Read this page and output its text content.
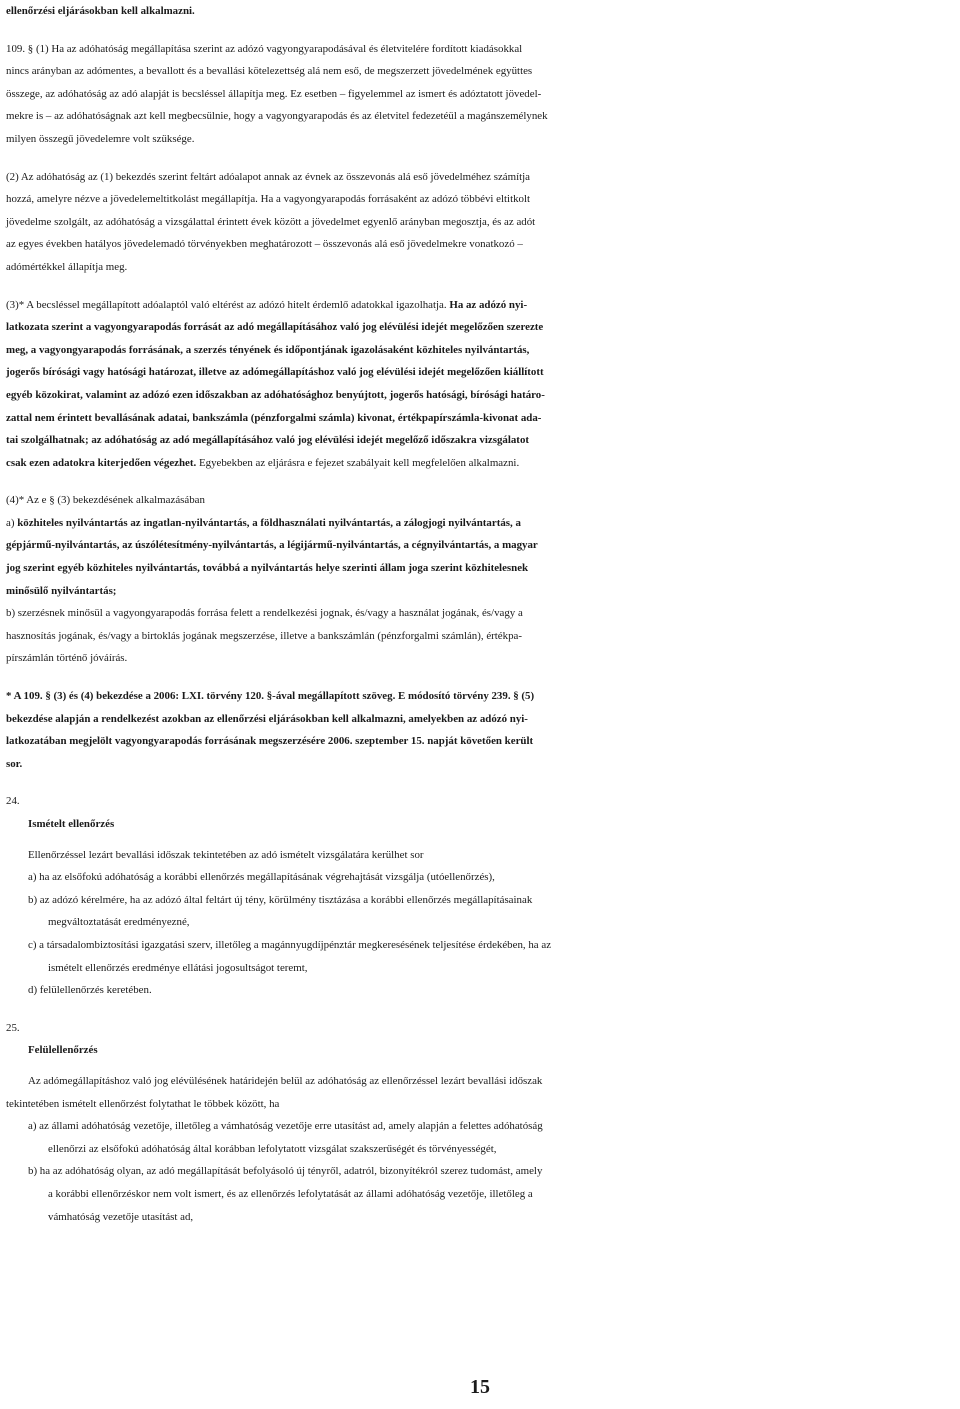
ellenőrzési eljárásokban kell alkalmazni.
109. § (1) Ha az adóhatóság megállapítása szerint az adózó vagyongyarapodásával és életvitelére fordított kiadásokkal
nincs arányban az adómentes, a bevallott és a bevallási kötelezettség alá nem eső, de megszerzett jövedelmének együttes
összege, az adóhatóság az adó alapját is becsléssel állapítja meg. Ez esetben – figyelemmel az ismert és adóztatott jövedel-
mekre is – az adóhatóságnak azt kell megbecsülnie, hogy a vagyongyarapodás és az életvitel fedezetéül a magánszemélynek
milyen összegű jövedelemre volt szüksége.
(2) Az adóhatóság az (1) bekezdés szerint feltárt adóalapot annak az évnek az összevonás alá eső jövedelméhez számítja
hozzá, amelyre nézve a jövedelemeltitkolást megállapítja. Ha a vagyongyarapodás forrásaként az adózó többévi eltitkolt
jövedelme szolgált, az adóhatóság a vizsgálattal érintett évek között a jövedelmet egyenlő arányban megosztja, és az adót
az egyes években hatályos jövedelemadó törvényekben meghatározott – összevonás alá eső jövedelmekre vonatkozó –
adómértékkel állapítja meg.
(3)* A becsléssel megállapított adóalaptól való eltérést az adózó hitelt érdemlő adatokkal igazolhatja. Ha az adózó nyi-
latkozata szerint a vagyongyarapodás forrását az adó megállapításához való jog elévülési idejét megelőzően szerezte
meg, a vagyongyarapodás forrásának, a szerzés tényének és időpontjának igazolásaként közhiteles nyilvántartás,
jogerős bírósági vagy hatósági határozat, illetve az adómegállapításhoz való jog elévülési idejét megelőzően kiállított
egyéb közokirat, valamint az adózó ezen időszakban az adóhatósághoz benyújtott, jogerős hatósági, bírósági határo-
zattal nem érintett bevallásának adatai, bankszámla (pénzforgalmi számla) kivonat, értékpapírszámla-kivonat ada-
tai szolgálhatnak; az adóhatóság az adó megállapításához való jog elévülési idejét megelőző időszakra vizsgálatot
csak ezen adatokra kiterjedően végezhet. Egyebekben az eljárásra e fejezet szabályait kell megfelelően alkalmazni.
(4)* Az e § (3) bekezdésének alkalmazásában
a) közhiteles nyilvántartás az ingatlan-nyilvántartás, a földhasználati nyilvántartás, a zálogjogi nyilvántartás, a
gépjármű-nyilvántartás, az úszólétesítmény-nyilvántartás, a légijármű-nyilvántartás, a cégnyilvántartás, a magyar
jog szerint egyéb közhiteles nyilvántartás, továbbá a nyilvántartás helye szerinti állam joga szerint közhitelesnek
minősülő nyilvántartás;
b) szerzésnek minősül a vagyongyarapodás forrása felett a rendelkezési jognak, és/vagy a használat jogának, és/vagy a
hasznosítás jogának, és/vagy a birtoklás jogának megszerzése, illetve a bankszámlán (pénzforgalmi számlán), értékpa-
pírszámlán történő jóváírás.
* A 109. § (3) és (4) bekezdése a 2006: LXI. törvény 120. §-ával megállapított szöveg. E módosító törvény 239. § (5)
bekezdése alapján a rendelkezést azokban az ellenőrzési eljárásokban kell alkalmazni, amelyekben az adózó nyi-
latkozatában megjelölt vagyongyarapodás forrásának megszerzésére 2006. szeptember 15. napját követően került
sor.
24.
Ismételt ellenőrzés
Ellenőrzéssel lezárt bevallási időszak tekintetében az adó ismételt vizsgálatára kerülhet sor
a) ha az elsőfokú adóhatóság a korábbi ellenőrzés megállapításának végrehajtását vizsgálja (utóellenőrzés),
b) az adózó kérelmére, ha az adózó által feltárt új tény, körülmény tisztázása a korábbi ellenőrzés megállapításainak
megváltoztatását eredményezné,
c) a társadalombiztosítási igazgatási szerv, illetőleg a magánnyugdíjpénztár megkeresésének teljesítése érdekében, ha az
ismételt ellenőrzés eredménye ellátási jogosultságot teremt,
d) felülellenőrzés keretében.
25.
Felülellenőrzés
Az adómegállapításhoz való jog elévülésének határidején belül az adóhatóság az ellenőrzéssel lezárt bevallási időszak
tekintetében ismételt ellenőrzést folytathat le többek között, ha
a) az állami adóhatóság vezetője, illetőleg a vámhatóság vezetője erre utasítást ad, amely alapján a felettes adóhatóság
ellenőrzi az elsőfokú adóhatóság által korábban lefolytatott vizsgálat szakszerűségét és törvényességét,
b) ha az adóhatóság olyan, az adó megállapítását befolyásoló új tényről, adatról, bizonyítékról szerez tudomást, amely
a korábbi ellenőrzéskor nem volt ismert, és az ellenőrzés lefolytatását az állami adóhatóság vezetője, illetőleg a
vámhatóság vezetője utasítást ad,
15
